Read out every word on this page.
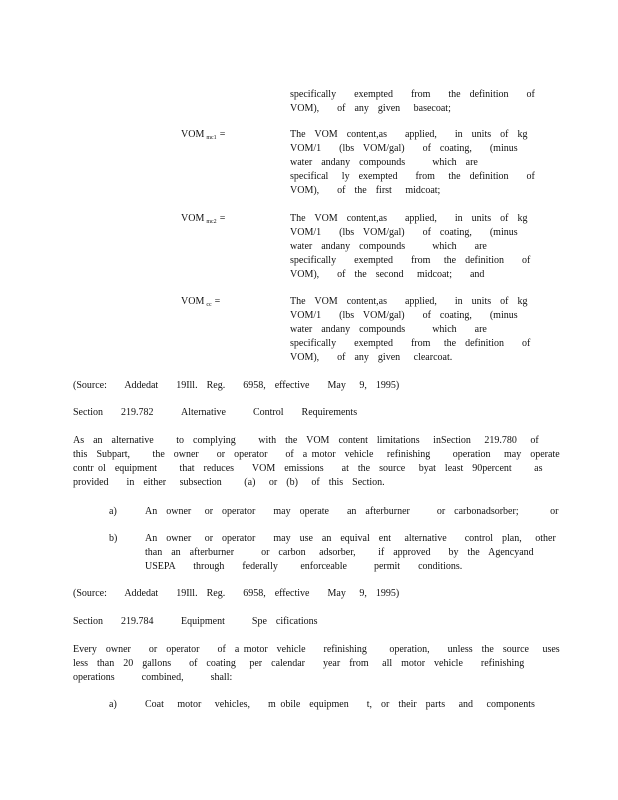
specifically    exempted    from    the  definition    of
VOM),    of  any  given   basecoat;
VOM $_{mc1}$ =	The  VOM  content,as    applied,    in  units  of  kg
VOM/1    (lbs  VOM/gal)    of  coating,    (minus
water  andany  compounds      which  are
specifical   ly  exempted    from   the  definition    of
VOM),    of  the  first   midcoat;
VOM $_{mc2}$ =	The  VOM  content,as    applied,    in  units  of  kg
VOM/1    (lbs  VOM/gal)    of  coating,    (minus
water  andany  compounds      which    are
specifically    exempted    from   the  definition    of
VOM),    of  the  second   midcoat;    and
VOM $_{cc}$ =	The  VOM  content,as    applied,    in  units  of  kg
VOM/1    (lbs  VOM/gal)    of  coating,    (minus
water  andany  compounds      which    are
specifically    exempted    from   the  definition    of
VOM),    of  any  given   clearcoat.
(Source:    Addedat    19Ill.  Reg.    6958,  effective    May   9,  1995)
Section    219.782	Alternative      Control    Requirements
As  an  alternative     to  complying     with  the  VOM  content  limitations   inSection   219.780   of
this  Subpart,     the  owner    or  operator    of  a motor  vehicle   refinishing     operation   may  operate
contr ol  equipment     that  reduces    VOM  emissions    at  the  source   byat  least  90percent     as
provided    in  either   subsection     (a)   or  (b)   of  this  Section.
a)	An  owner   or  operator    may  operate    an  afterburner      or  carbonadsorber;       or
b)	An  owner   or  operator    may  use  an  equival  ent   alternative    control  plan,   other
than  an  afterburner      or  carbon   adsorber,     if  approved    by  the  Agencyand
USEPA    through    federally     enforceable      permit    conditions.
(Source:    Addedat    19Ill.  Reg.    6958,  effective    May   9,  1995)
Section    219.784	Equipment      Spe  cifications
Every  owner    or  operator    of  a motor  vehicle    refinishing     operation,    unless  the  source   uses
less  than  20  gallons    of  coating   per  calendar    year  from   all  motor  vehicle    refinishing
operations      combined,      shall:
a)	Coat   motor   vehicles,    m obile  equipmen    t,  or  their  parts   and   components
